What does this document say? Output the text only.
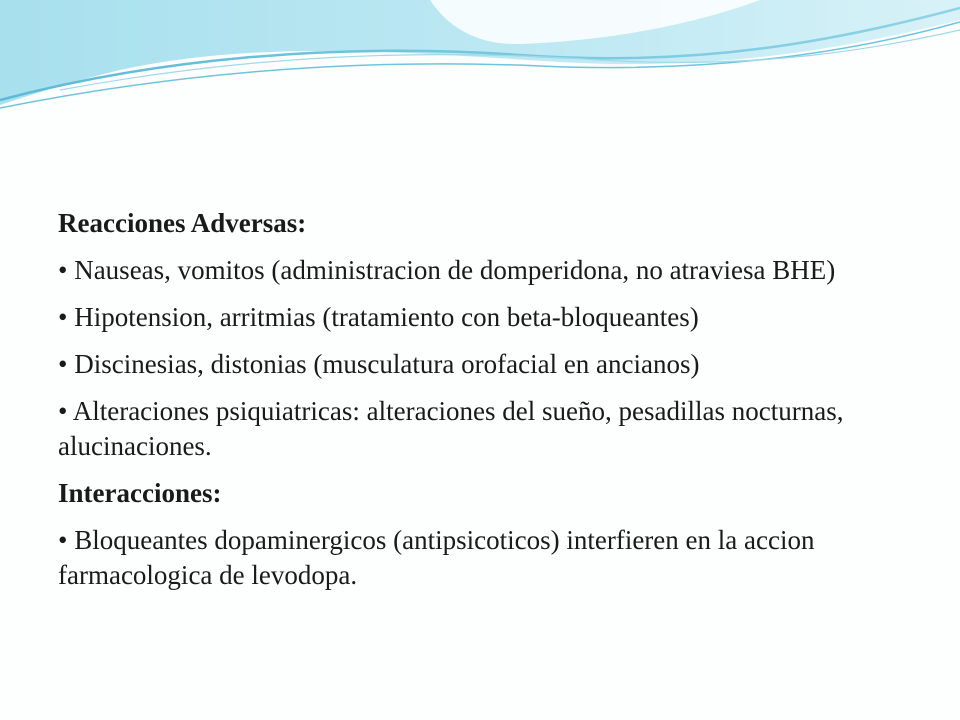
Reacciones Adversas:
• Nauseas, vomitos (administracion de domperidona, no atraviesa BHE)
• Hipotension, arritmias (tratamiento con beta-bloqueantes)
• Discinesias, distonias (musculatura orofacial en ancianos)
• Alteraciones psiquiatricas: alteraciones del sueño, pesadillas nocturnas, alucinaciones.
Interacciones:
• Bloqueantes dopaminergicos (antipsicoticos) interfieren en la accion farmacologica de levodopa.
